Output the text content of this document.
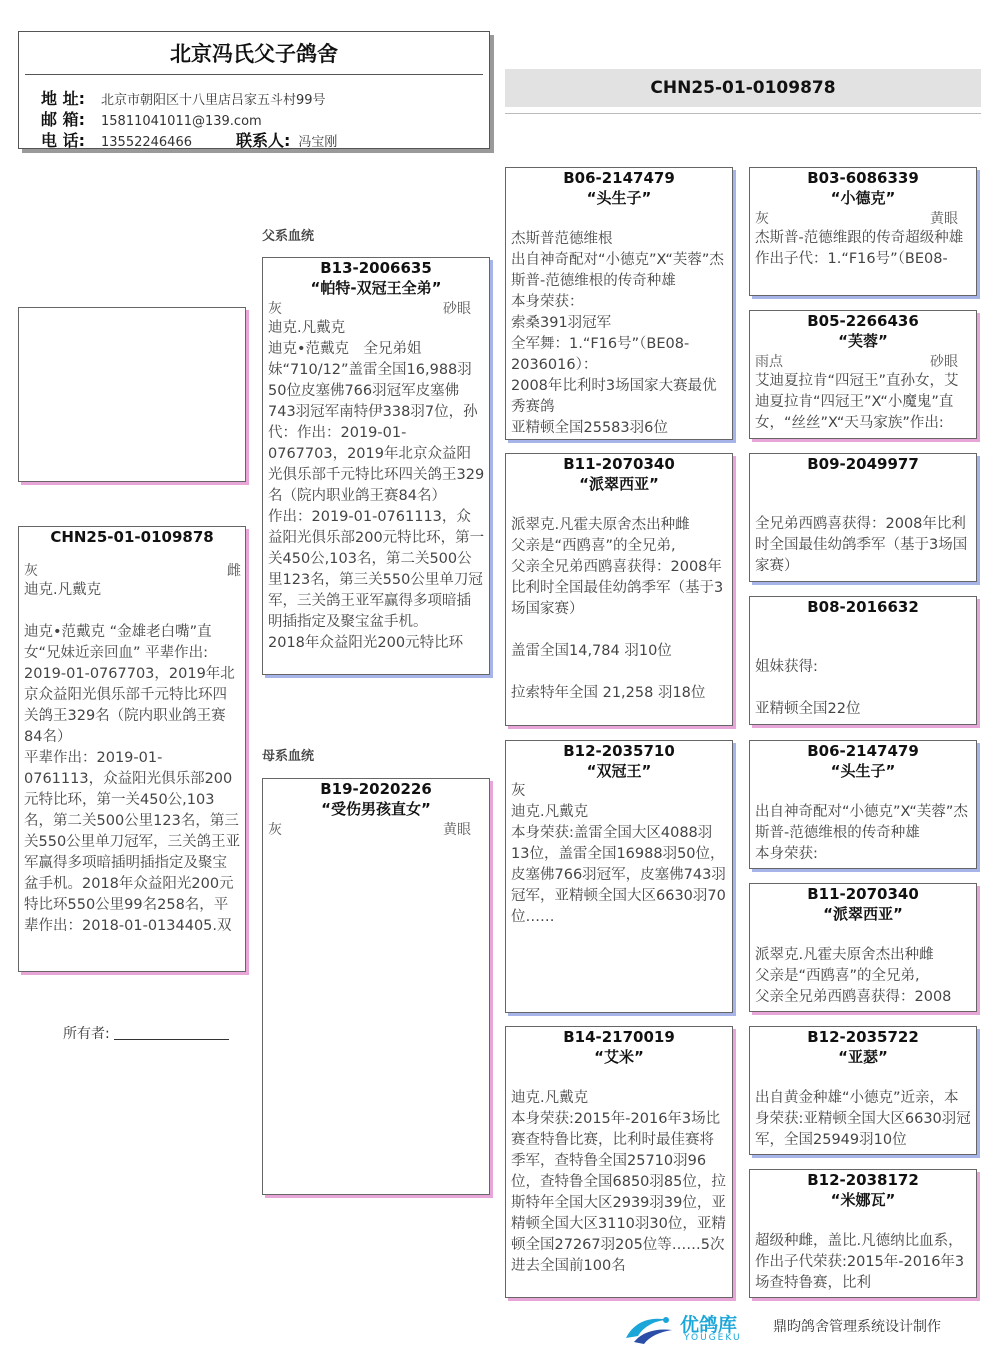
北京冯氏父子鸽舍
地 址: 北京市朝阳区十八里店吕家五斗村99号
邮 箱: 15811041011@139.com
电 话: 13552246466	联系人: 冯宝刚
CHN25-01-0109878
父系血统
母系血统
CHN25-01-0109878
灰	雌
迪克.凡戴克

迪克•范戴克 “金雄老白嘴”直女“兄妹近亲回血” 平辈作出: 2019-01-0767703，2019年北京众益阳光俱乐部千元特比环四关鸽王329名（院内职业鸽王赛84名）
平辈作出：2019-01-0761113，众益阳光俱乐部200元特比环，第一关450公,103名，第二关500公里123名，第三关550公里单刀冠军，三关鸽王亚军赢得多项暗插明插指定及聚宝盆手机。2018年众益阳光200元特比环550公里99名258名，平辈作出：2018-01-0134405.双
B13-2006635
“帕特-双冠王全弟”
灰	砂眼
迪克.凡戴克
迪克•范戴克　全兄弟姐妹“710/12”盖雷全国16,988羽50位皮塞佛766羽冠军皮塞佛743羽冠军南特伊338羽7位，孙代：作出：2019-01-0767703，2019年北京众益阳光俱乐部千元特比环四关鸽王329名（院内职业鸽王赛84名）
作出：2019-01-0761113，众益阳光俱乐部200元特比环，第一关450公,103名，第二关500公里123名，第三关550公里单刀冠军，三关鸽王亚军赢得多项暗插明插指定及聚宝盆手机。
2018年众益阳光200元特比环
B19-2020226
“受伤男孩直女”
灰	黄眼
B06-2147479
“头生子”

杰斯普范德维根
出自神奇配对“小德克”X“芙蓉”杰斯普-范德维根的传奇种雄
本身荣获：
索桑391羽冠军
全军舞：1.“F16号”（BE08-2036016）：
2008年比利时3场国家大赛最优秀赛鸽
亚精顿全国25583羽6位
B11-2070340
“派翠西亚”

派翠克.凡霍夫原舍杰出种雌
父亲是“西鸥喜”的全兄弟,
父亲全兄弟西鸥喜获得：2008年比利时全国最佳幼鸽季军（基于3场国家赛）

盖雷全国14,784 羽10位

拉索特年全国 21,258 羽18位
B12-2035710
“双冠王”
灰
迪克.凡戴克
本身荣获:盖雷全国大区4088羽13位，盖雷全国16988羽50位，皮塞佛766羽冠军，皮塞佛743羽冠军，亚精顿全国大区6630羽70位……
B14-2170019
“艾米”

迪克.凡戴克
本身荣获:2015年-2016年3场比赛查特鲁比赛，比利时最佳赛将季军，查特鲁全国25710羽96位，查特鲁全国6850羽85位，拉斯特年全国大区2939羽39位，亚精顿全国大区3110羽30位，亚精顿全国27267羽205位等……5次进去全国前100名
B03-6086339
“小德克”
灰	黄眼
杰斯普-范德维跟的传奇超级种雄
作出子代：1.“F16号”（BE08-
B05-2266436
“芙蓉”
雨点	砂眼
艾迪夏拉肯“四冠王”直孙女，艾迪夏拉肯“四冠王”X“小魔鬼”直女，“丝丝”X“天马家族”作出:
B09-2049977

全兄弟西鸥喜获得：2008年比利时全国最佳幼鸽季军（基于3场国家赛）
B08-2016632

姐妹获得:

亚精顿全国22位
B06-2147479
“头生子”

出自神奇配对“小德克”X“芙蓉”杰斯普-范德维根的传奇种雄
本身荣获:
B11-2070340
“派翠西亚”

派翠克.凡霍夫原舍杰出种雌
父亲是“西鸥喜”的全兄弟,
父亲全兄弟西鸥喜获得：2008
B12-2035722
“亚瑟”

出自黄金种雄“小德克”近亲，本身荣获:亚精顿全国大区6630羽冠军，全国25949羽10位
B12-2038172
“米娜瓦”

超级种雌，盖比.凡德纳比血系，作出子代荣获:2015年-2016年3场查特鲁赛，比利
所有者:
优鸽库
YOUGEKU
鼎昀鸽舍管理系统设计制作
